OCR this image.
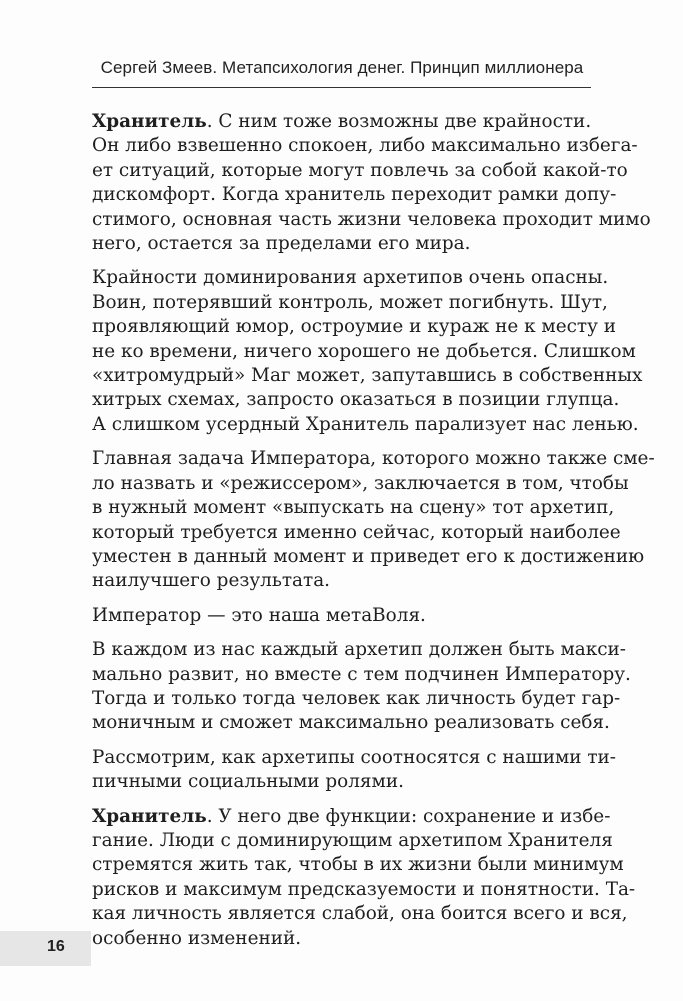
Сергей Змеев. Метапсихология денег. Принцип миллионера
Хранитель. С ним тоже возможны две крайности.
Он либо взвешенно спокоен, либо максимально избега-
ет ситуаций, которые могут повлечь за собой какой-то
дискомфорт. Когда хранитель переходит рамки допу-
стимого, основная часть жизни человека проходит мимо
него, остается за пределами его мира.
Крайности доминирования архетипов очень опасны.
Воин, потерявший контроль, может погибнуть. Шут,
проявляющий юмор, остроумие и кураж не к месту и
не ко времени, ничего хорошего не добьется. Слишком
«хитромудрый» Маг может, запутавшись в собственных
хитрых схемах, запросто оказаться в позиции глупца.
А слишком усердный Хранитель парализует нас ленью.
Главная задача Императора, которого можно также сме-
ло назвать и «режиссером», заключается в том, чтобы
в нужный момент «выпускать на сцену» тот архетип,
который требуется именно сейчас, который наиболее
уместен в данный момент и приведет его к достижению
наилучшего результата.
Император — это наша метаВоля.
В каждом из нас каждый архетип должен быть макси-
мально развит, но вместе с тем подчинен Императору.
Тогда и только тогда человек как личность будет гар-
моничным и сможет максимально реализовать себя.
Рассмотрим, как архетипы соотносятся с нашими ти-
пичными социальными ролями.
Хранитель. У него две функции: сохранение и избе-
гание. Люди с доминирующим архетипом Хранителя
стремятся жить так, чтобы в их жизни были минимум
рисков и максимум предсказуемости и понятности. Та-
кая личность является слабой, она боится всего и вся,
особенно изменений.
16
